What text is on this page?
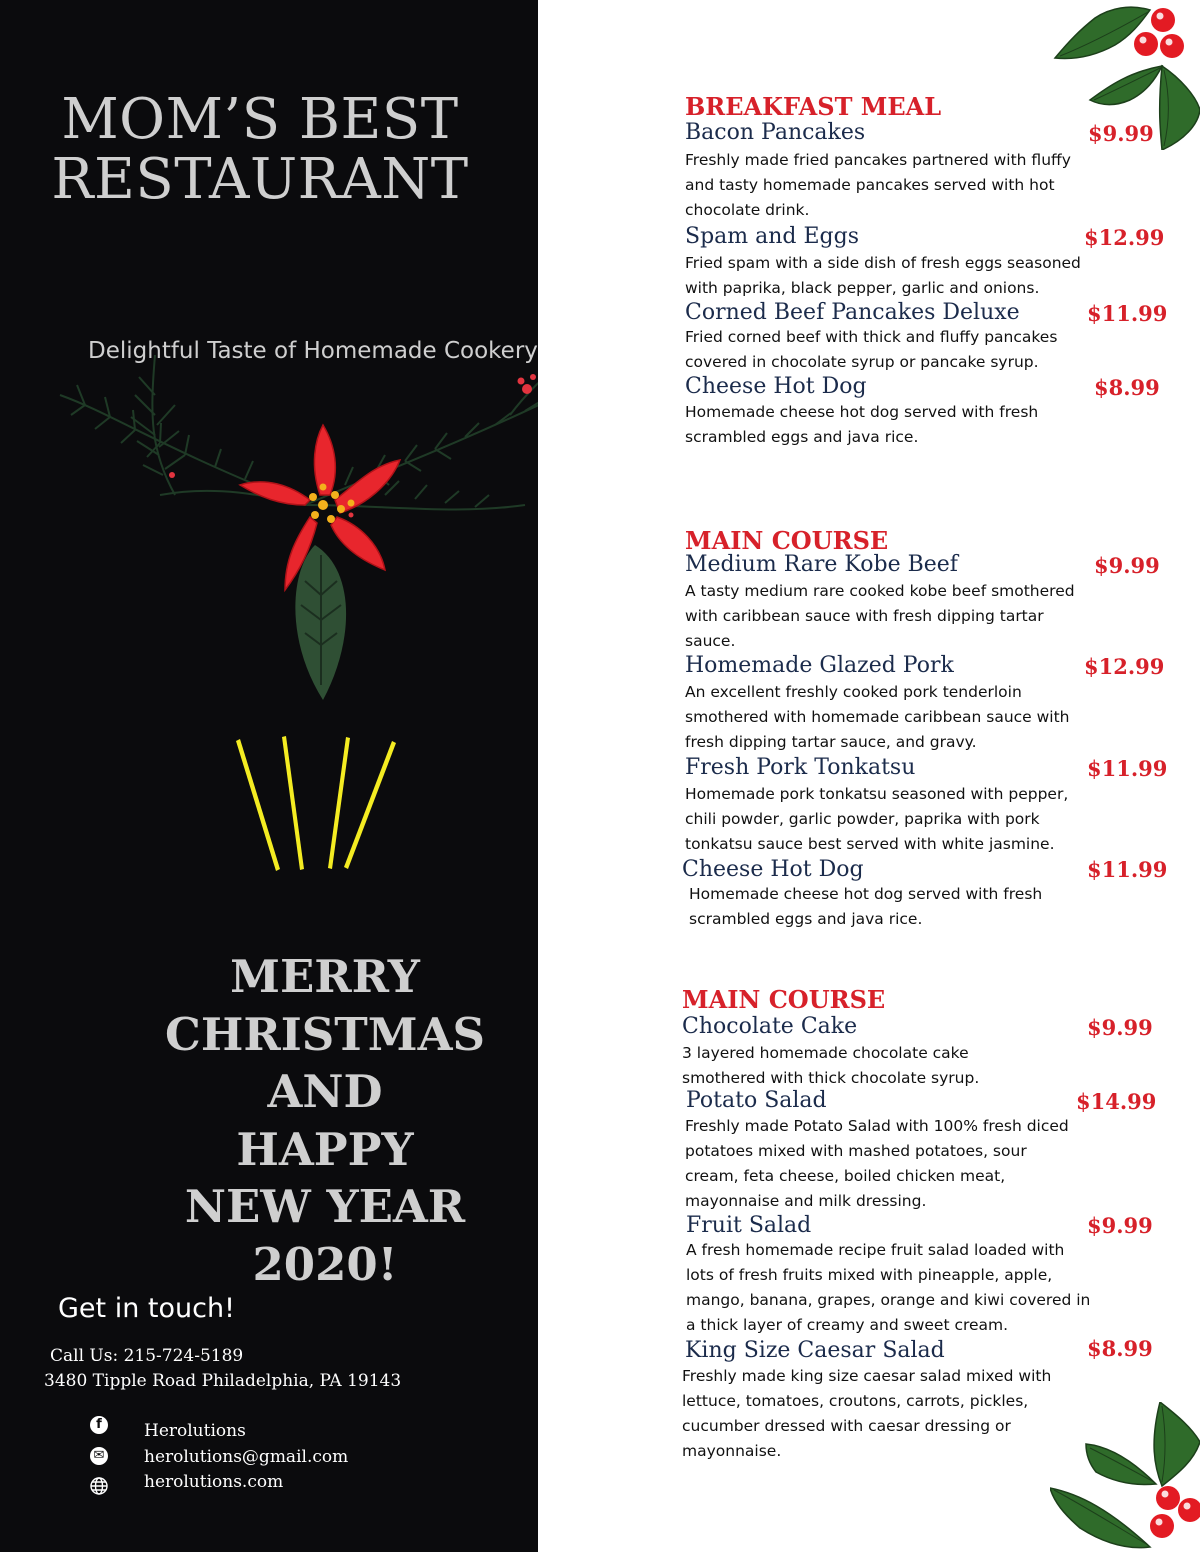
MOM’S BEST
RESTAURANT
Delightful Taste of Homemade Cookery
MERRY
CHRISTMAS
AND
HAPPY
NEW YEAR
2020!
Get in touch!
Call Us: 215-724-5189
3480 Tipple Road Philadelphia, PA 19143
f	Herolutions
✉ herolutions@gmail.com
herolutions.com
BREAKFAST MEAL
Bacon Pancakes	$9.99
Freshly made fried pancakes partnered with fluffy and tasty homemade pancakes served with hot chocolate drink.
Spam and Eggs	$12.99
Fried spam with a side dish of fresh eggs seasoned with paprika, black pepper, garlic and onions.
Corned Beef Pancakes Deluxe	$11.99
Fried corned beef with thick and fluffy pancakes covered in chocolate syrup or pancake syrup.
Cheese Hot Dog	$8.99
Homemade cheese hot dog served with fresh scrambled eggs and java rice.
MAIN COURSE
Medium Rare Kobe Beef	$9.99
A tasty medium rare cooked kobe beef smothered with caribbean sauce with fresh dipping tartar sauce.
Homemade Glazed Pork	$12.99
An excellent freshly cooked pork tenderloin smothered with homemade caribbean sauce with fresh dipping tartar sauce, and gravy.
Fresh Pork Tonkatsu	$11.99
Homemade pork tonkatsu seasoned with pepper, chili powder, garlic powder, paprika with pork tonkatsu sauce best served with white jasmine.
Cheese Hot Dog	$11.99
Homemade cheese hot dog served with fresh scrambled eggs and java rice.
MAIN COURSE
Chocolate Cake	$9.99
3 layered homemade chocolate cake smothered with thick chocolate syrup.
Potato Salad	$14.99
Freshly made Potato Salad with 100% fresh diced potatoes mixed with mashed potatoes, sour cream, feta cheese, boiled chicken meat, mayonnaise and milk dressing.
Fruit Salad	$9.99
A fresh homemade recipe fruit salad loaded with lots of fresh fruits mixed with pineapple, apple, mango, banana, grapes, orange and kiwi covered in a thick layer of creamy and sweet cream.
King Size Caesar Salad	$8.99
Freshly made king size caesar salad mixed with lettuce, tomatoes, croutons, carrots, pickles, cucumber dressed with caesar dressing or mayonnaise.
